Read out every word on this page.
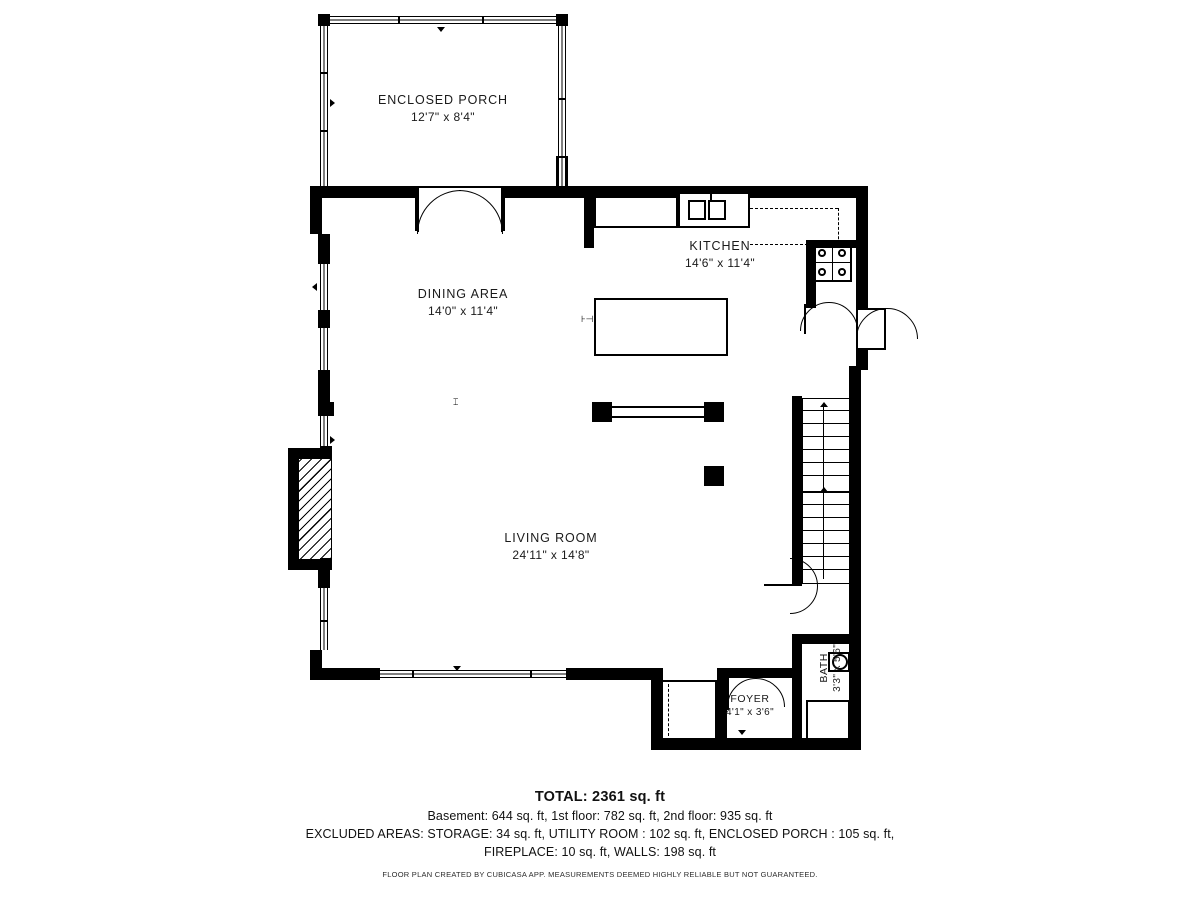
ENCLOSED PORCH
12'7" x 8'4"
KITCHEN
14'6" x 11'4"
BATH 3'3" x 5'6"
FOYER
4'1" x 3'6"
DINING AREA
14'0" x 11'4"
⊦⊣
⌶
LIVING ROOM
24'11" x 14'8"
TOTAL: 2361 sq. ft
Basement: 644 sq. ft, 1st floor: 782 sq. ft, 2nd floor: 935 sq. ft
EXCLUDED AREAS: STORAGE: 34 sq. ft, UTILITY ROOM : 102 sq. ft, ENCLOSED PORCH : 105 sq. ft,
FIREPLACE: 10 sq. ft, WALLS: 198 sq. ft
FLOOR PLAN CREATED BY CUBICASA APP. MEASUREMENTS DEEMED HIGHLY RELIABLE BUT NOT GUARANTEED.
